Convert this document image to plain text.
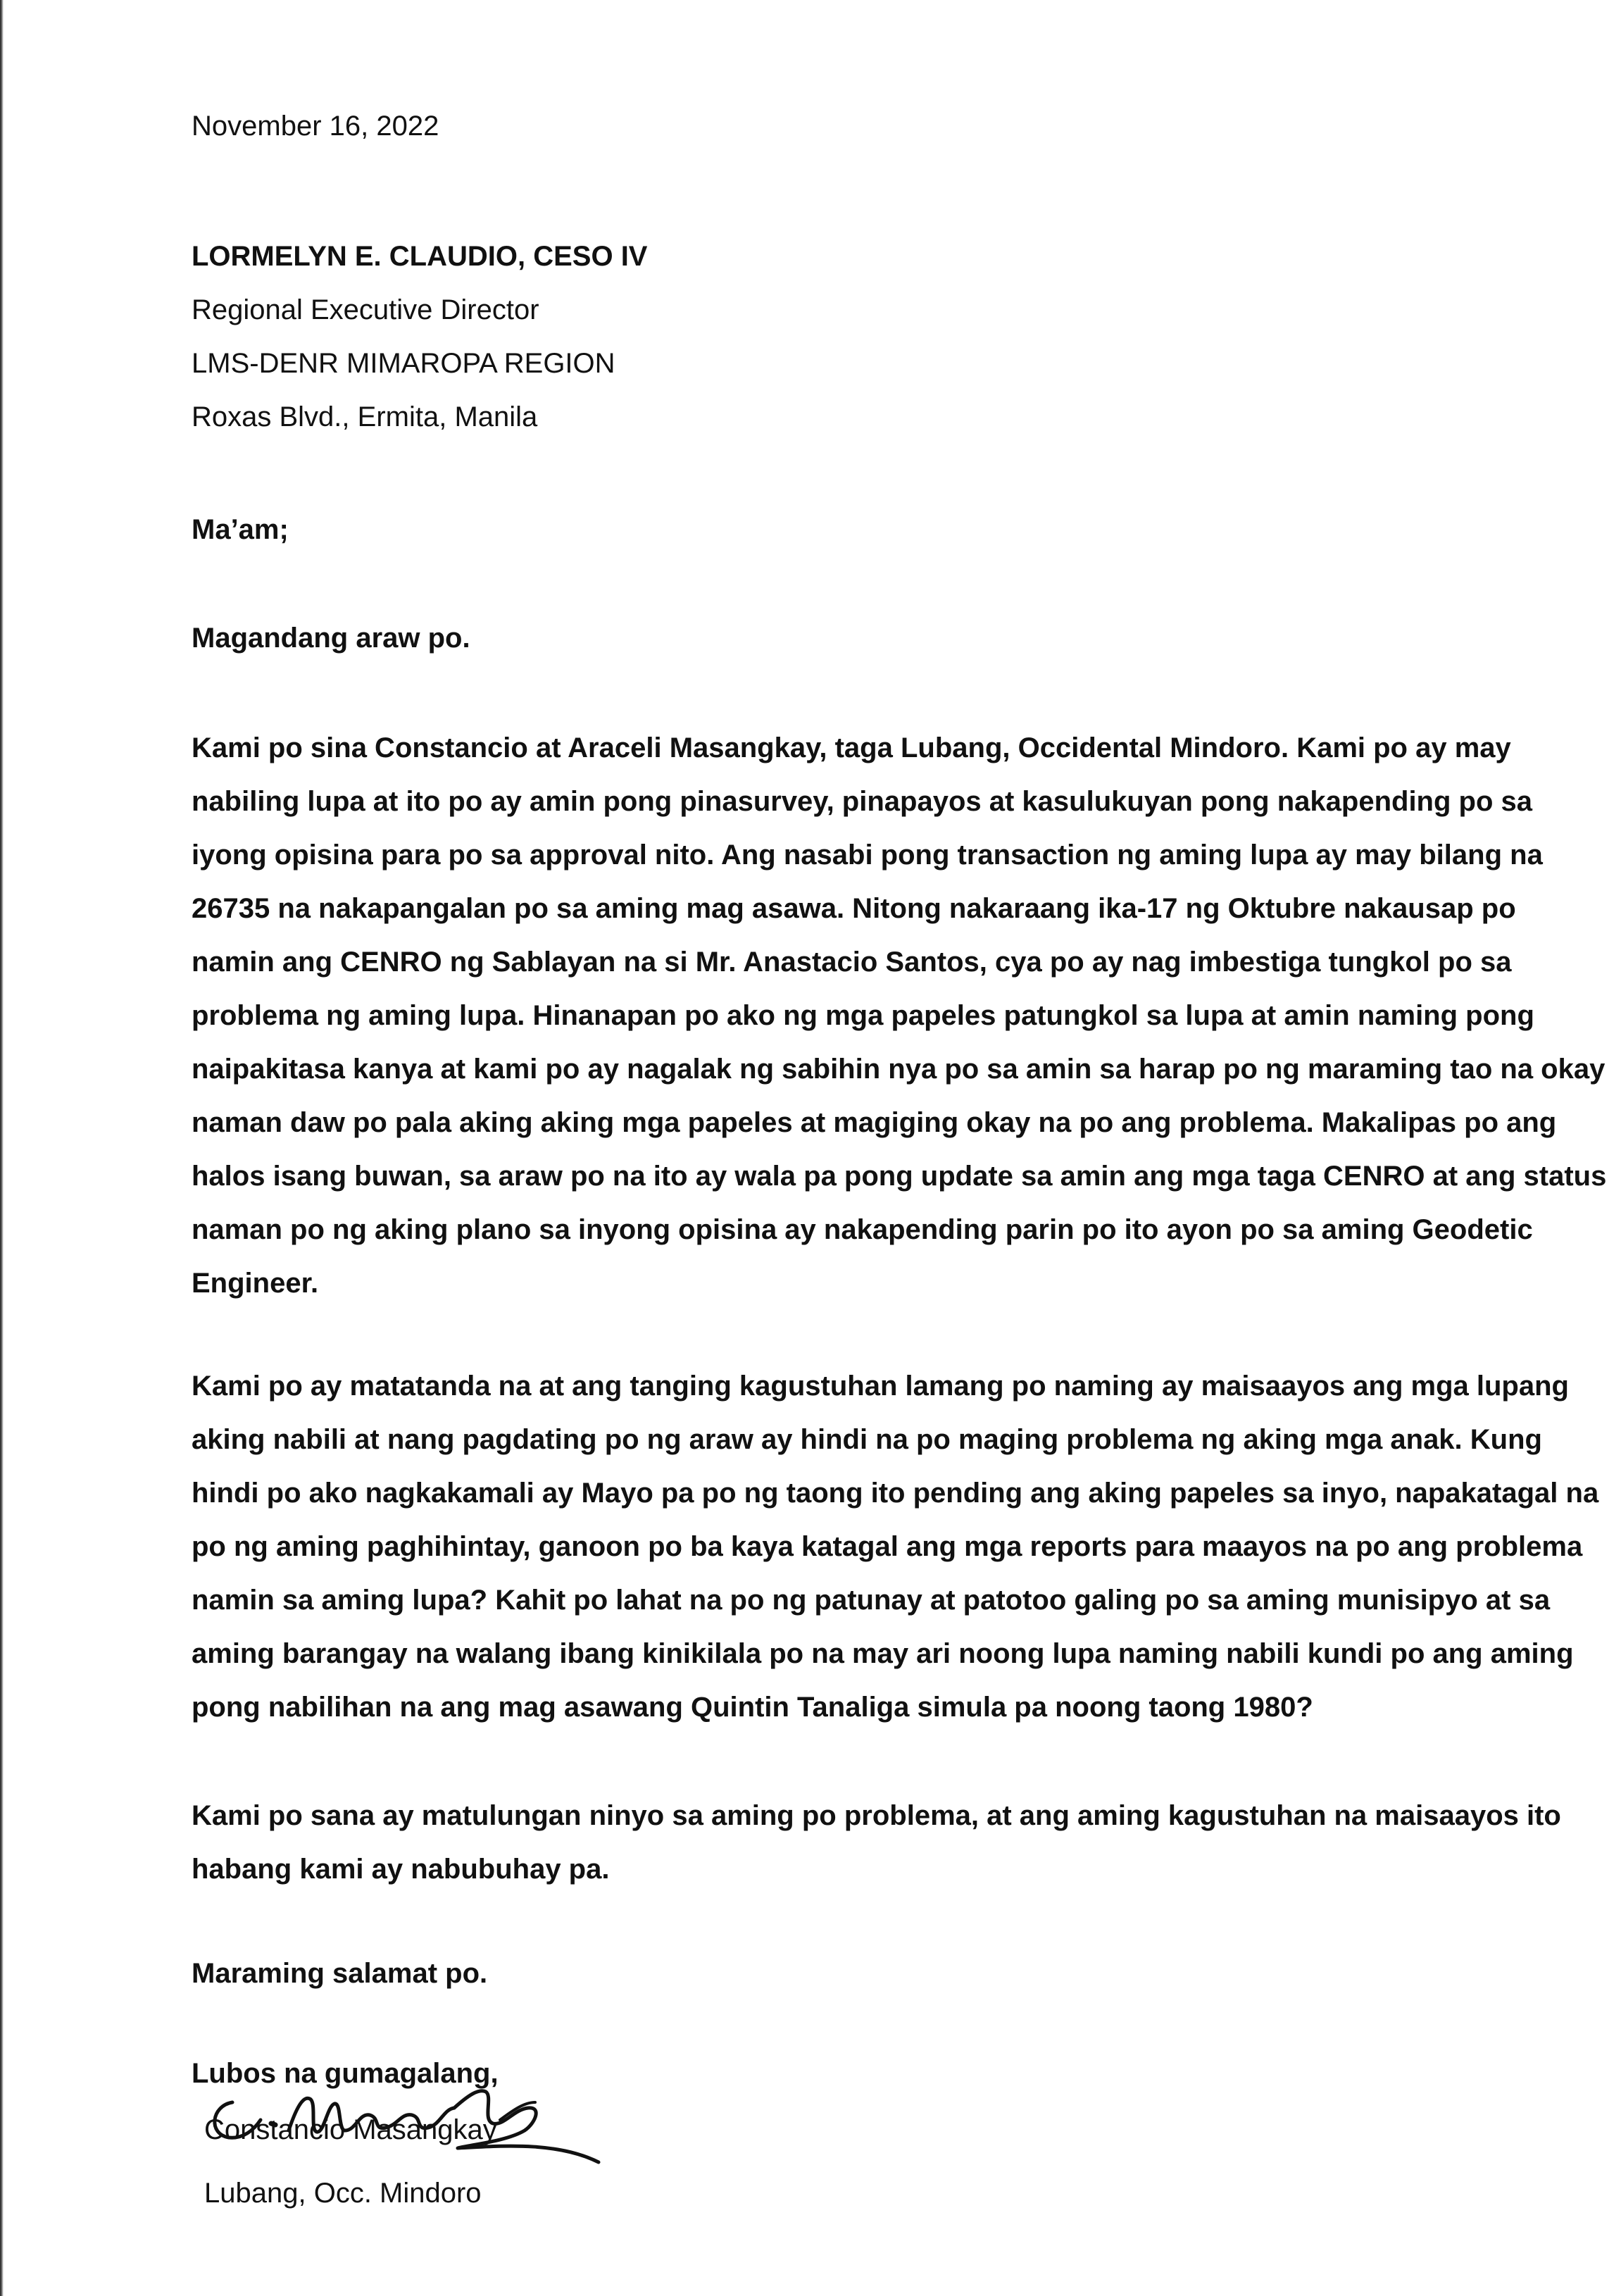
November 16, 2022

LORMELYN E. CLAUDIO, CESO IV

Regional Executive Director

LMS-DENR MIMAROPA REGION

Roxas Blvd., Ermita, Manila

Ma’am;

Magandang araw po.

Kami po sina Constancio at Araceli Masangkay, taga Lubang, Occidental Mindoro. Kami po ay may
nabiling lupa at ito po ay amin pong pinasurvey, pinapayos at kasulukuyan pong nakapending po sa
iyong opisina para po sa approval nito. Ang nasabi pong transaction ng aming lupa ay may bilang na
26735 na nakapangalan po sa aming mag asawa. Nitong nakaraang ika-17 ng Oktubre nakausap po
namin ang CENRO ng Sablayan na si Mr. Anastacio Santos, cya po ay nag imbestiga tungkol po sa
problema ng aming lupa. Hinanapan po ako ng mga papeles patungkol sa lupa at amin naming pong
naipakitasa kanya at kami po ay nagalak ng sabihin nya po sa amin sa harap po ng maraming tao na okay
naman daw po pala aking aking mga papeles at magiging okay na po ang problema. Makalipas po ang
halos isang buwan, sa araw po na ito ay wala pa pong update sa amin ang mga taga CENRO at ang status
naman po ng aking plano sa inyong opisina ay nakapending parin po ito ayon po sa aming Geodetic
Engineer.
Kami po ay matatanda na at ang tanging kagustuhan lamang po naming ay maisaayos ang mga lupang
aking nabili at nang pagdating po ng araw ay hindi na po maging problema ng aking mga anak. Kung
hindi po ako nagkakamali ay Mayo pa po ng taong ito pending ang aking papeles sa inyo, napakatagal na
po ng aming paghihintay, ganoon po ba kaya katagal ang mga reports para maayos na po ang problema
namin sa aming lupa? Kahit po lahat na po ng patunay at patotoo galing po sa aming munisipyo at sa
aming barangay na walang ibang kinikilala po na may ari noong lupa naming nabili kundi po ang aming
pong nabilihan na ang mag asawang Quintin Tanaliga simula pa noong taong 1980?
Kami po sana ay matulungan ninyo sa aming po problema, at ang aming kagustuhan na maisaayos ito
habang kami ay nabubuhay pa.

Maraming salamat po.

Lubos na gumagalang,

Constancio Masangkay

Lubang, Occ. Mindoro
